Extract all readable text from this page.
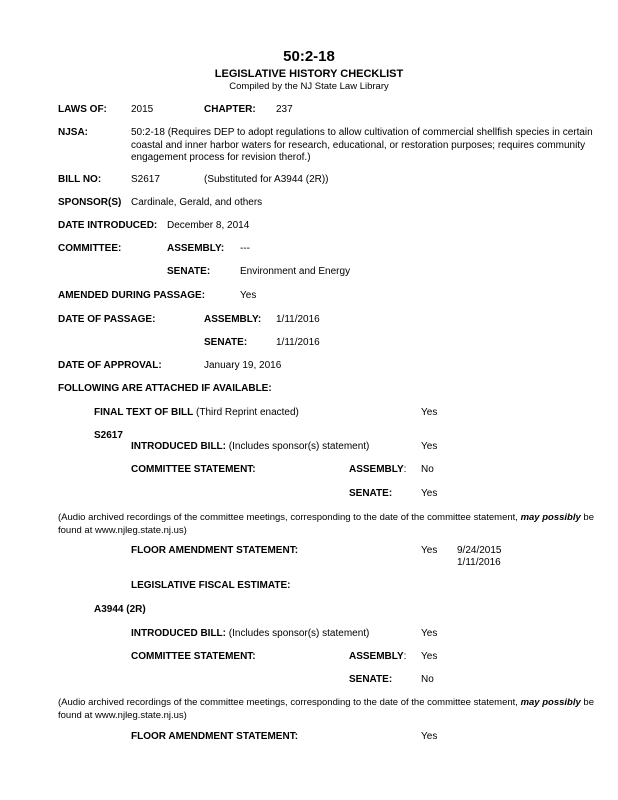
50:2-18
LEGISLATIVE HISTORY CHECKLIST
Compiled by the NJ State Law Library
LAWS OF: 2015	CHAPTER: 237
NJSA:	50:2-18 (Requires DEP to adopt regulations to allow cultivation of commercial shellfish species in certain coastal and inner harbor waters for research, educational, or restoration purposes; requires community engagement process for revision therof.)
BILL NO:	S2617	(Substituted for A3944 (2R))
SPONSOR(S) Cardinale, Gerald, and others
DATE INTRODUCED: December 8, 2014
COMMITTEE:	ASSEMBLY: ---
SENATE:	Environment and Energy
AMENDED DURING PASSAGE:	Yes
DATE OF PASSAGE:	ASSEMBLY: 1/11/2016
SENATE:	1/11/2016
DATE OF APPROVAL:	January 19, 2016
FOLLOWING ARE ATTACHED IF AVAILABLE:
FINAL TEXT OF BILL (Third Reprint enacted)	Yes
S2617
INTRODUCED BILL: (Includes sponsor(s) statement)	Yes
COMMITTEE STATEMENT:	ASSEMBLY: No
SENATE:	Yes
(Audio archived recordings of the committee meetings, corresponding to the date of the committee statement, may possibly be found at www.njleg.state.nj.us)
FLOOR AMENDMENT STATEMENT:	Yes 9/24/2015
1/11/2016
LEGISLATIVE FISCAL ESTIMATE:
A3944 (2R)
INTRODUCED BILL: (Includes sponsor(s) statement)	Yes
COMMITTEE STATEMENT:	ASSEMBLY: Yes
SENATE:	No
(Audio archived recordings of the committee meetings, corresponding to the date of the committee statement, may possibly be found at www.njleg.state.nj.us)
FLOOR AMENDMENT STATEMENT:	Yes
